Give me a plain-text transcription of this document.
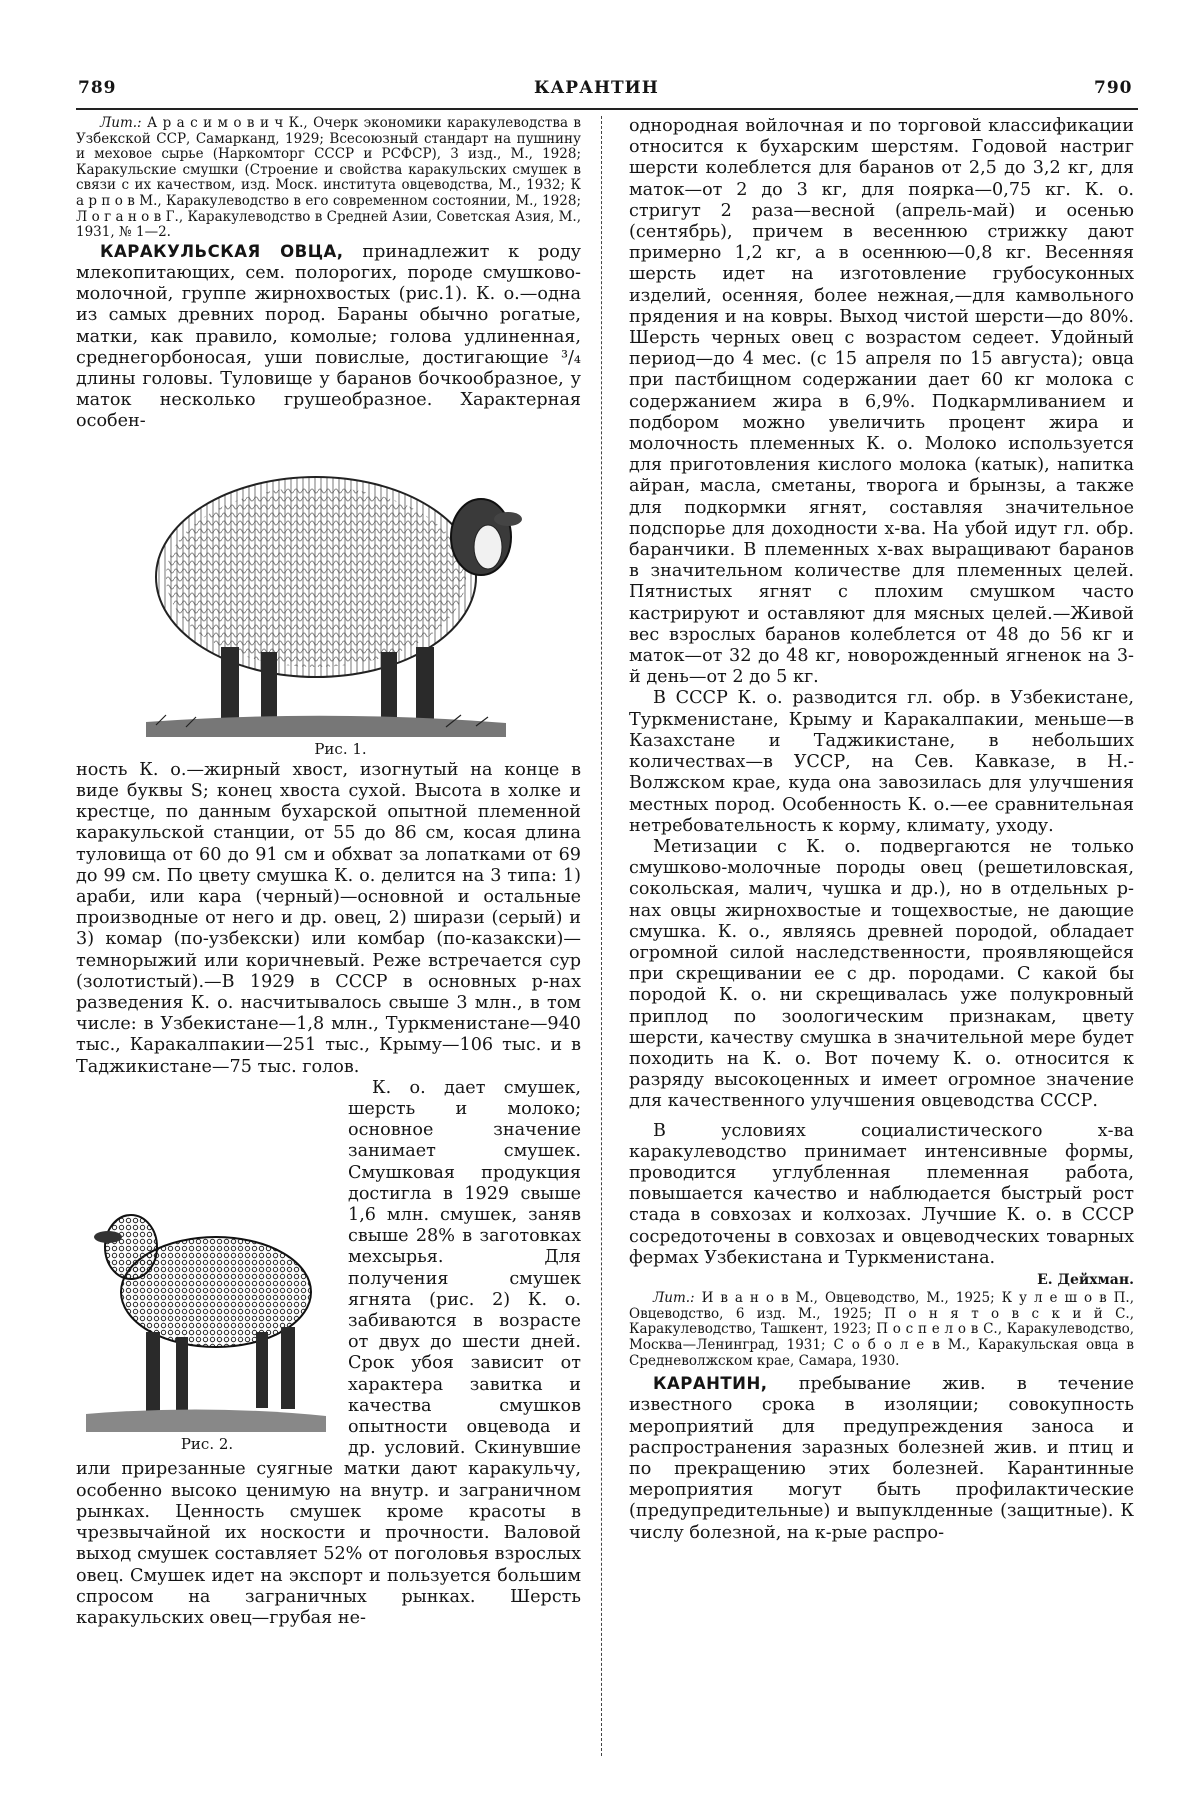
789	КАРАНТИН	790

Лит.: А р а с и м о в и ч К., Очерк экономики каракулеводства в Узбекской ССР, Самарканд, 1929; Всесоюзный стандарт на пушнину и меховое сырье (Наркомторг СССР и РСФСР), 3 изд., М., 1928; Каракульские смушки (Строение и свойства каракульских смушек в связи с их качеством, изд. Моск. института овцеводства, М., 1932; К а р п о в М., Каракулеводство в его современном состоянии, М., 1928; Л о г а н о в Г., Каракулеводство в Средней Азии, Советская Азия, М., 1931, № 1—2.

КАРАКУЛЬСКАЯ ОВЦА, принадлежит к роду млекопитающих, сем. полорогих, породе смушково-молочной, группе жирнохвостых (рис.1). К. о.—одна из самых древних пород. Бараны обычно рогатые, матки, как правило, комолые; голова удлиненная, среднегорбоносая, уши повислые, достигающие ³/₄ длины головы. Туловище у баранов бочкообразное, у маток несколько грушеобразное. Характерная особен-

Рис. 1.

ность К. о.—жирный хвост, изогнутый на конце в виде буквы S; конец хвоста сухой. Высота в холке и крестце, по данным бухарской опытной племенной каракульской станции, от 55 до 86 см, косая длина туловища от 60 до 91 см и обхват за лопатками от 69 до 99 см. По цвету смушка К. о. делится на 3 типа: 1) араби, или кара (черный)—основной и остальные производные от него и др. овец, 2) ширази (серый) и 3) комар (по-узбекски) или комбар (по-казакски)—темнорыжий или коричневый. Реже встречается сур (золотистый).—В 1929 в СССР в основных р-нах разведения К. о. насчитывалось свыше 3 млн., в том числе: в Узбекистане—1,8 млн., Туркменистане—940 тыс., Каракалпакии—251 тыс., Крыму—106 тыс. и в Таджикистане—75 тыс. голов.

Рис. 2.
К. о. дает смушек, шерсть и молоко; основное значение занимает смушек. Смушковая продукция достигла в 1929 свыше 1,6 млн. смушек, заняв свыше 28% в заготовках мехсырья. Для получения смушек ягнята (рис. 2) К. о. забиваются в возрасте от двух до шести дней. Срок убоя зависит от характера завитка и качества смушков опытности овцевода и др. условий. Скинувшие или прирезанные суягные матки дают каракульчу, особенно высоко ценимую на внутр. и заграничном рынках. Ценность смушек кроме красоты в чрезвычайной их носкости и прочности. Валовой выход смушек составляет 52% от поголовья взрослых овец. Смушек идет на экспорт и пользуется большим спросом на заграничных рынках. Шерсть каракульских овец—грубая не-

однородная войлочная и по торговой классификации относится к бухарским шерстям. Годовой настриг шерсти колеблется для баранов от 2,5 до 3,2 кг, для маток—от 2 до 3 кг, для поярка—0,75 кг. К. о. стригут 2 раза—весной (апрель-май) и осенью (сентябрь), причем в весеннюю стрижку дают примерно 1,2 кг, а в осеннюю—0,8 кг. Весенняя шерсть идет на изготовление грубосуконных изделий, осенняя, более нежная,—для камвольного прядения и на ковры. Выход чистой шерсти—до 80%. Шерсть черных овец с возрастом седеет. Удойный период—до 4 мес. (с 15 апреля по 15 августа); овца при пастбищном содержании дает 60 кг молока с содержанием жира в 6,9%. Подкармливанием и подбором можно увеличить процент жира и молочность племенных К. о. Молоко используется для приготовления кислого молока (катык), напитка айран, масла, сметаны, творога и брынзы, а также для подкормки ягнят, составляя значительное подспорье для доходности х-ва. На убой идут гл. обр. баранчики. В племенных х-вах выращивают баранов в значительном количестве для племенных целей. Пятнистых ягнят с плохим смушком часто кастрируют и оставляют для мясных целей.—Живой вес взрослых баранов колеблется от 48 до 56 кг и маток—от 32 до 48 кг, новорожденный ягненок на 3-й день—от 2 до 5 кг.

В СССР К. о. разводится гл. обр. в Узбекистане, Туркменистане, Крыму и Каракалпакии, меньше—в Казахстане и Таджикистане, в небольших количествах—в УССР, на Сев. Кавказе, в Н.-Волжском крае, куда она завозилась для улучшения местных пород. Особенность К. о.—ее сравнительная нетребовательность к корму, климату, уходу.

Метизации с К. о. подвергаются не только смушково-молочные породы овец (решетиловская, сокольская, малич, чушка и др.), но в отдельных р-нах овцы жирнохвостые и тощехвостые, не дающие смушка. К. о., являясь древней породой, обладает огромной силой наследственности, проявляющейся при скрещивании ее с др. породами. С какой бы породой К. о. ни скрещивалась уже полукровный приплод по зоологическим признакам, цвету шерсти, качеству смушка в значительной мере будет походить на К. о. Вот почему К. о. относится к разряду высокоценных и имеет огромное значение для качественного улучшения овцеводства СССР.

В условиях социалистического х-ва каракулеводство принимает интенсивные формы, проводится углубленная племенная работа, повышается качество и наблюдается быстрый рост стада в совхозах и колхозах. Лучшие К. о. в СССР сосредоточены в совхозах и овцеводческих товарных фермах Узбекистана и Туркменистана.

Е. Дейхман.

Лит.: И в а н о в М., Овцеводство, М., 1925; К у л е ш о в П., Овцеводство, 6 изд. М., 1925; П о н я т о в с к и й С., Каракулеводство, Ташкент, 1923; П о с п е л о в С., Каракулеводство, Москва—Ленинград, 1931; С о б о л е в М., Каракульская овца в Средневолжском крае, Самара, 1930.

КАРАНТИН, пребывание жив. в течение известного срока в изоляции; совокупность мероприятий для предупреждения заноса и распространения заразных болезней жив. и птиц и по прекращению этих болезней. Карантинные мероприятия могут быть профилактические (предупредительные) и выпуклденные (защитные). К числу болезной, на к-рые распро-
